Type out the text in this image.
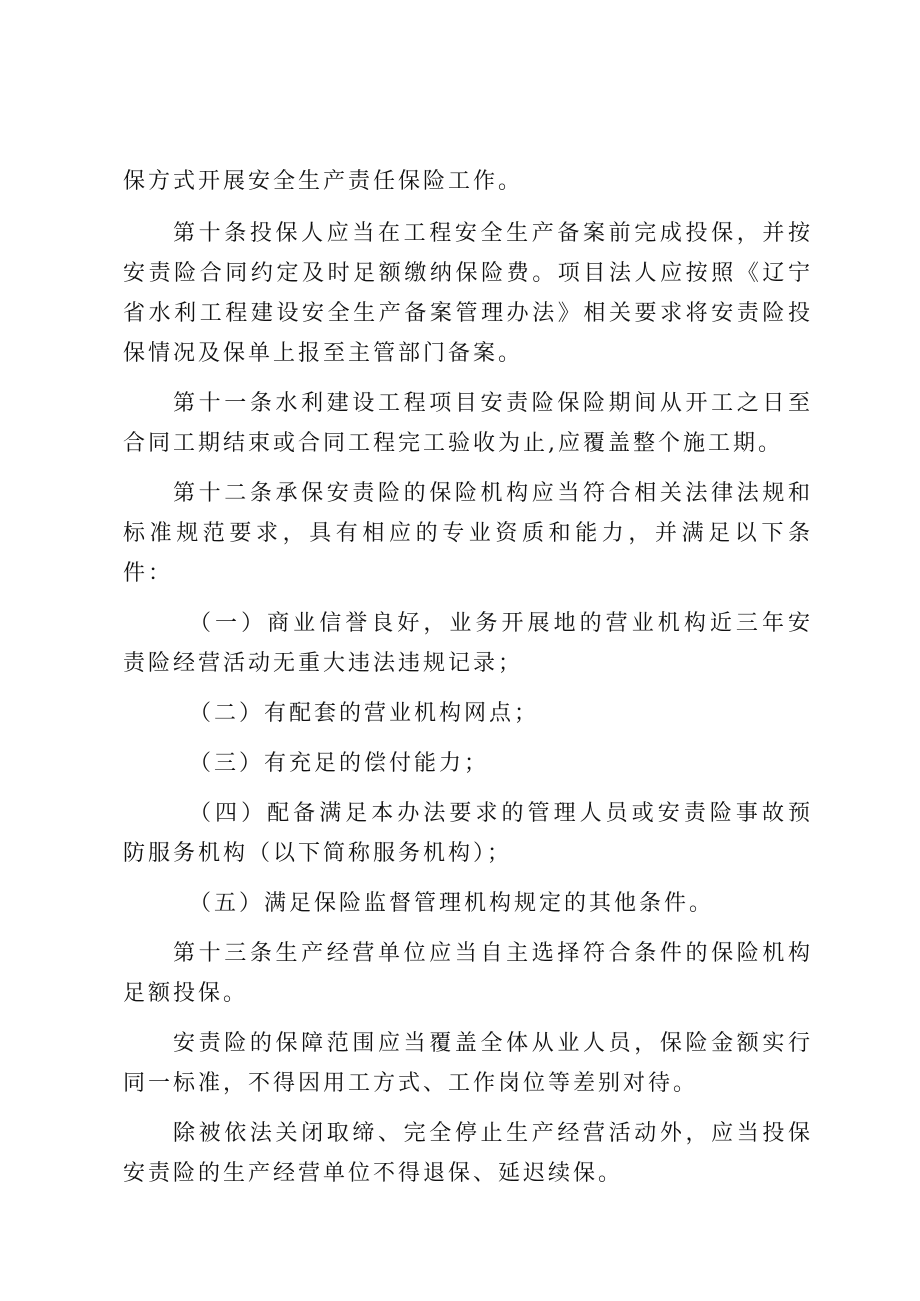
保方式开展安全生产责任保险工作。

第十条投保人应当在工程安全生产备案前完成投保，并按安责险合同约定及时足额缴纳保险费。项目法人应按照《辽宁省水利工程建设安全生产备案管理办法》相关要求将安责险投保情况及保单上报至主管部门备案。

第十一条水利建设工程项目安责险保险期间从开工之日至合同工期结束或合同工程完工验收为止,应覆盖整个施工期。

第十二条承保安责险的保险机构应当符合相关法律法规和标准规范要求，具有相应的专业资质和能力，并满足以下条件：

（一）商业信誉良好，业务开展地的营业机构近三年安责险经营活动无重大违法违规记录；

（二）有配套的营业机构网点；

（三）有充足的偿付能力；

（四）配备满足本办法要求的管理人员或安责险事故预防服务机构（以下简称服务机构）；

（五）满足保险监督管理机构规定的其他条件。

第十三条生产经营单位应当自主选择符合条件的保险机构足额投保。

安责险的保障范围应当覆盖全体从业人员，保险金额实行同一标准，不得因用工方式、工作岗位等差别对待。

除被依法关闭取缔、完全停止生产经营活动外，应当投保安责险的生产经营单位不得退保、延迟续保。
